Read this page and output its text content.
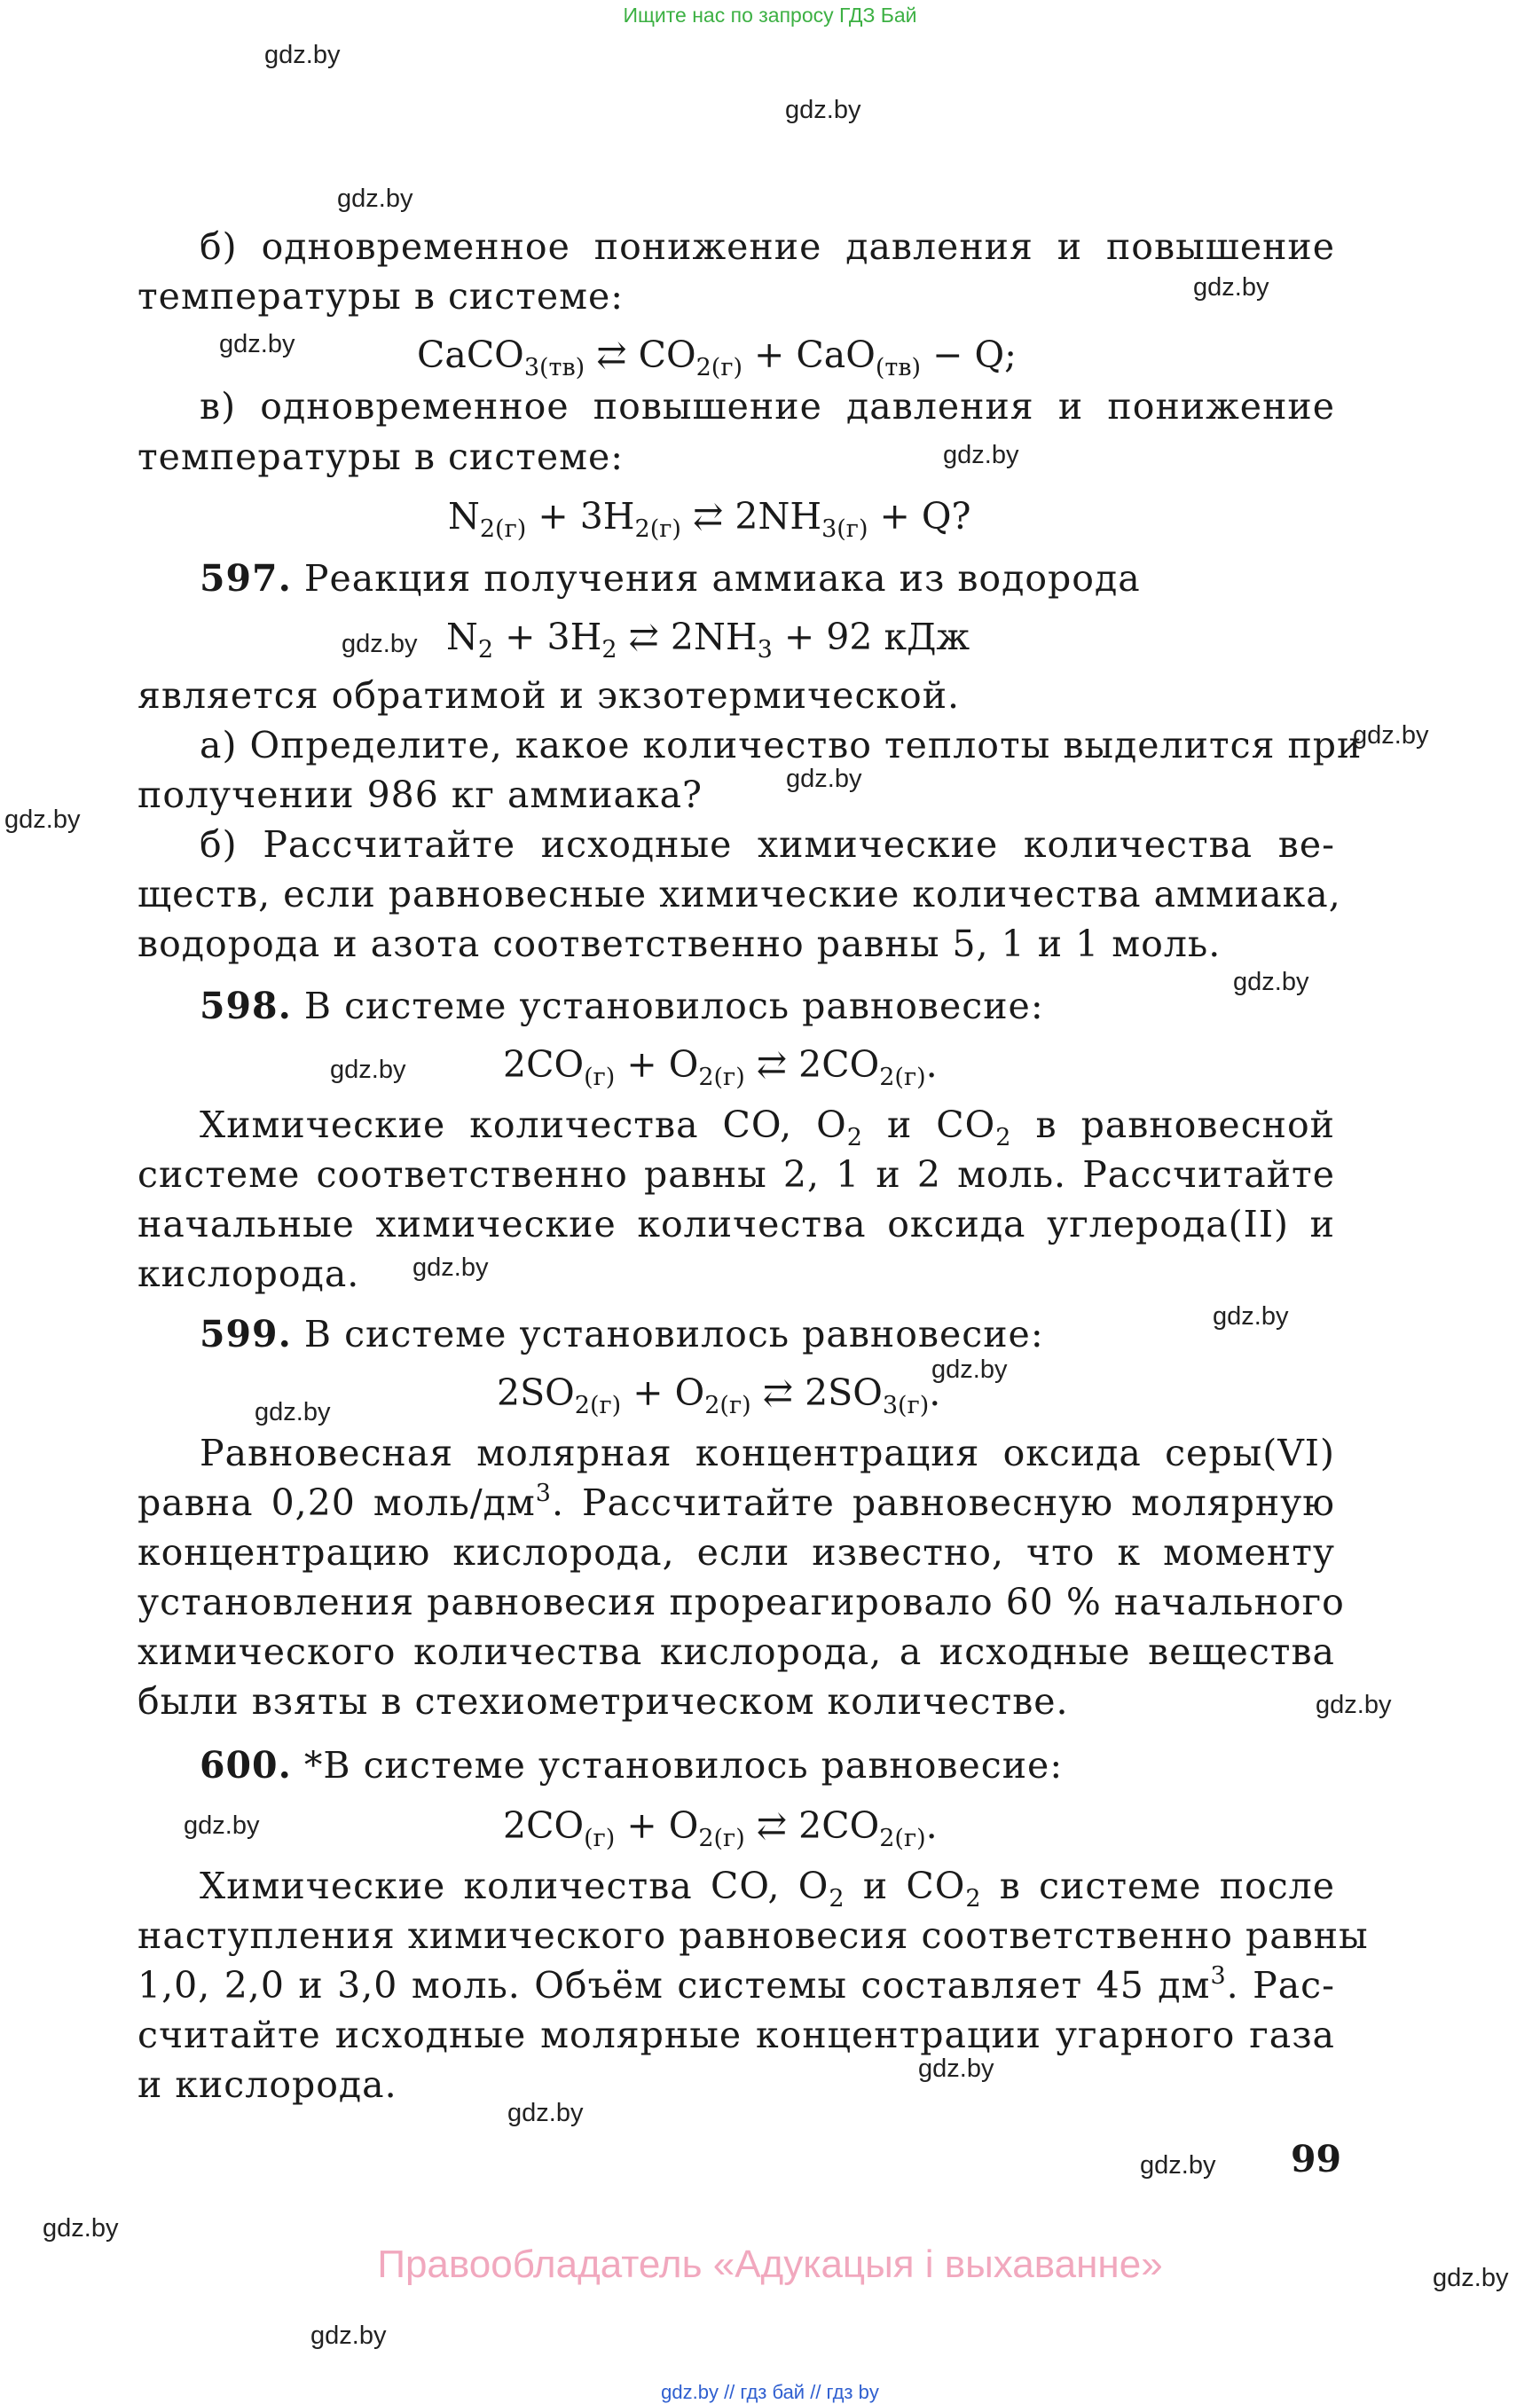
Ищите нас по запросу ГДЗ Бай
gdz.by
gdz.by
gdz.by
gdz.by
gdz.by
gdz.by
gdz.by
gdz.by
gdz.by
gdz.by
gdz.by
gdz.by
gdz.by
gdz.by
gdz.by
gdz.by
gdz.by
gdz.by
gdz.by
gdz.by
gdz.by
gdz.by
gdz.by
gdz.by
б) одновременное понижение давления и повышение
температуры в системе:
CaCO$_{3(тв)}$ ⇄ $CO_{2(г)} + CaO_{(тв)} - Q$;
в) одновременное повышение давления и понижение
температуры в системе:
$N_{2(г)} + 3H_{2(г)}$ ⇄ $2NH_{3(г)} + Q$?
597. Реакция получения аммиака из водорода
$N_2 + 3H_2$ ⇄ $2NH_3 + 92$ кДж
является обратимой и экзотермической.
а) Определите, какое количество теплоты выделится при
получении 986 кг аммиака?
б) Рассчитайте исходные химические количества ве-
ществ, если равновесные химические количества аммиака,
водорода и азота соответственно равны 5, 1 и 1 моль.
598. В системе установилось равновесие:
$2CO_{(г)} + O_{2(г)}$ ⇄ $2CO_{2(г)}$.
Химические количества CO, $O_2$ и $CO_2$ в равновесной
системе соответственно равны 2, 1 и 2 моль. Рассчитайте
начальные химические количества оксида углерода(II) и
кислорода.
599. В системе установилось равновесие:
$2SO_{2(г)} + O_{2(г)}$ ⇄ $2SO_{3(г)}$.
Равновесная молярная концентрация оксида серы(VI)
равна 0,20 моль/$дм^3$. Рассчитайте равновесную молярную
концентрацию кислорода, если известно, что к моменту
установления равновесия прореагировало 60 % начального
химического количества кислорода, а исходные вещества
были взяты в стехиометрическом количестве.
600. *В системе установилось равновесие:
$2CO_{(г)} + O_{2(г)}$ ⇄ $2CO_{2(г)}$.
Химические количества CO, $O_2$ и $CO_2$ в системе после
наступления химического равновесия соответственно равны
1,0, 2,0 и 3,0 моль. Объём системы составляет 45 $дм^3$. Рас-
считайте исходные молярные концентрации угарного газа
и кислорода.
99
Правообладатель «Адукацыя і выхаванне»
gdz.by // гдз бай // гдз by
